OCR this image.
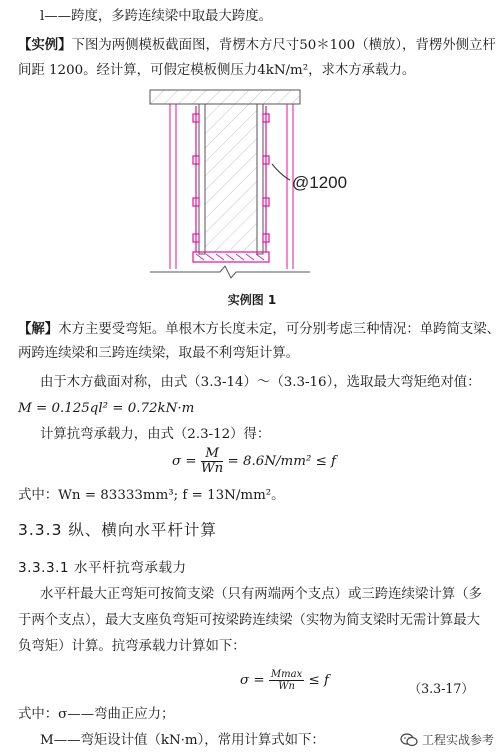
l——跨度，多跨连续梁中取最大跨度。
【实例】下图为两侧模板截面图，背楞木方尺寸50＊100（横放），背楞外侧立杆
间距 1200。经计算，可假定模板侧压力4kN/m²，求木方承载力。
@1200
实例图 1
【解】木方主要受弯矩。单根木方长度未定，可分别考虑三种情况：单跨简支梁、
两跨连续梁和三跨连续梁，取最不利弯矩计算。
由于木方截面对称，由式（3.3-14）～（3.3-16），选取最大弯矩绝对值：
M = 0.125ql² = 0.72kN·m
计算抗弯承载力，由式（2.3-12）得：
$\sigma = \frac{M}{Wn} = 8.6N/mm^2 \le f$
式中：Wn = 83333mm³; f = 13N/mm²。
3.3.3 纵、横向水平杆计算
3.3.3.1 水平杆抗弯承载力
水平杆最大正弯矩可按简支梁（只有两端两个支点）或三跨连续梁计算（多
于两个支点），最大支座负弯矩可按梁跨连续梁（实物为简支梁时无需计算最大
负弯矩）计算。抗弯承载力计算如下：
$\sigma = \frac{Mmax}{Wn} \le f$
（3.3-17）
式中：σ——弯曲正应力；
M——弯矩设计值（kN·m），常用计算式如下：	工程实战参考
